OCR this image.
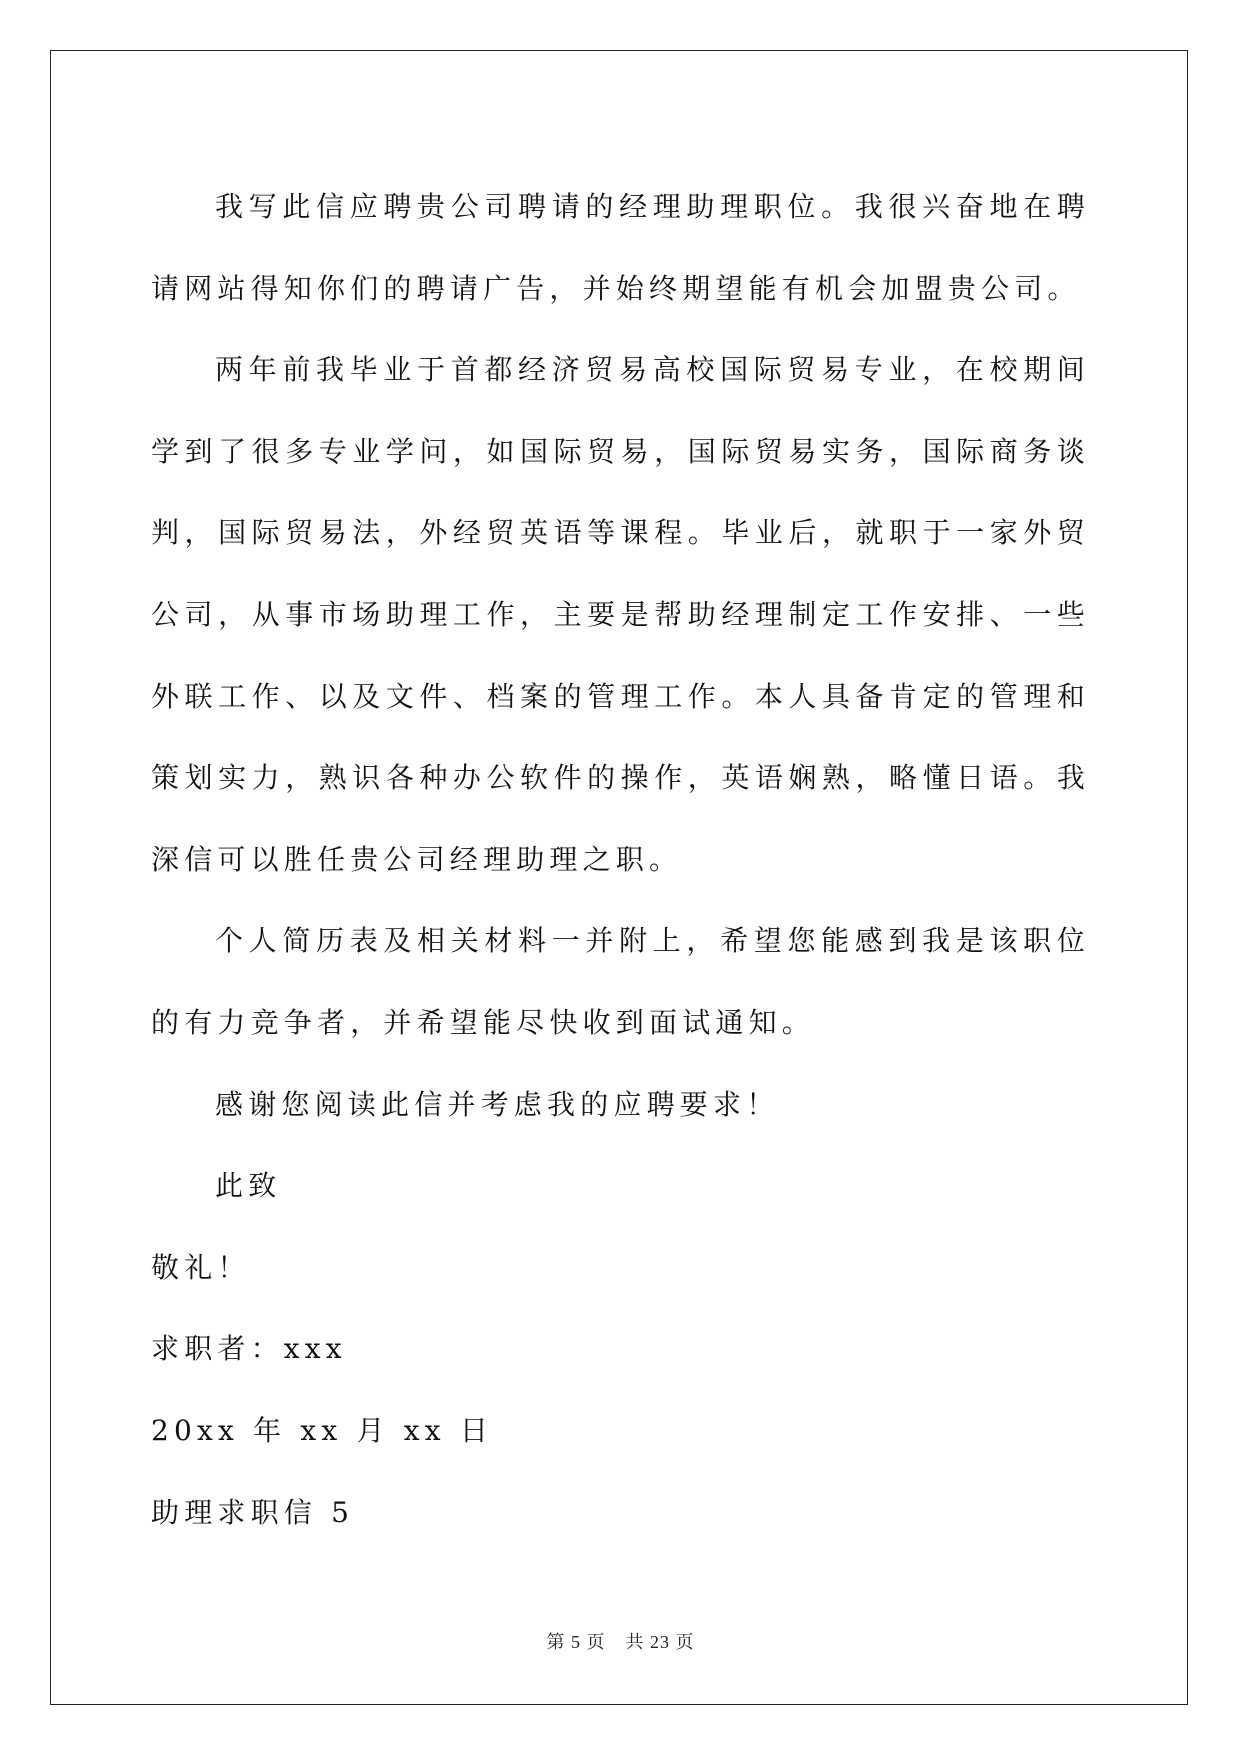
我写此信应聘贵公司聘请的经理助理职位。我很兴奋地在聘请网站得知你们的聘请广告，并始终期望能有机会加盟贵公司。

两年前我毕业于首都经济贸易高校国际贸易专业，在校期间学到了很多专业学问，如国际贸易，国际贸易实务，国际商务谈判，国际贸易法，外经贸英语等课程。毕业后，就职于一家外贸公司，从事市场助理工作，主要是帮助经理制定工作安排、一些外联工作、以及文件、档案的管理工作。本人具备肯定的管理和策划实力，熟识各种办公软件的操作，英语娴熟，略懂日语。我深信可以胜任贵公司经理助理之职。

个人简历表及相关材料一并附上，希望您能感到我是该职位的有力竞争者，并希望能尽快收到面试通知。

感谢您阅读此信并考虑我的应聘要求！

此致

敬礼！

求职者：xxx

20xx 年 xx 月 xx 日

助理求职信 5

第 5 页 共 23 页
